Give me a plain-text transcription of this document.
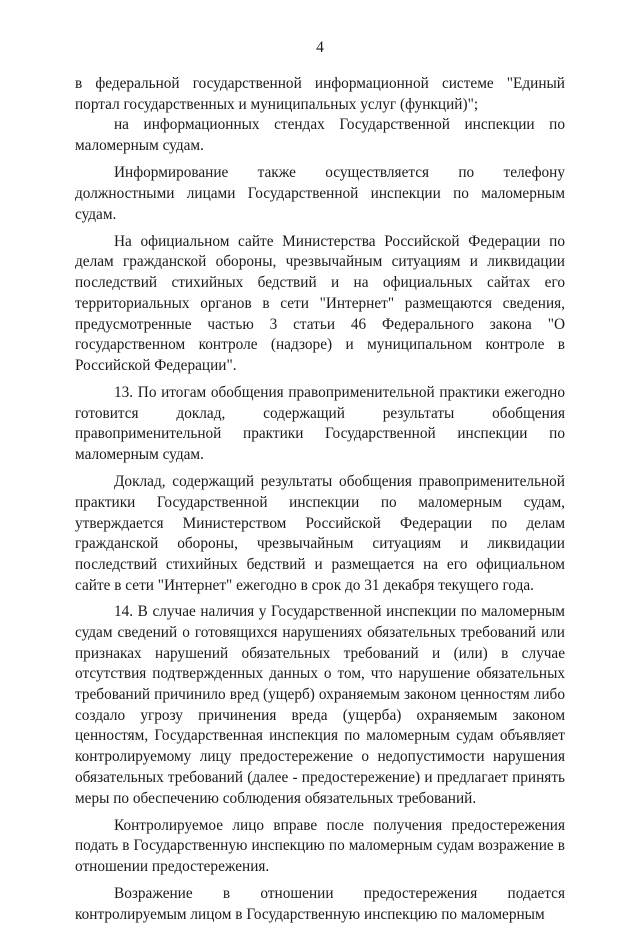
4

в федеральной государственной информационной системе "Единый портал государственных и муниципальных услуг (функций)";

на информационных стендах Государственной инспекции по маломерным судам.

Информирование также осуществляется по телефону должностными лицами Государственной инспекции по маломерным судам.

На официальном сайте Министерства Российской Федерации по делам гражданской обороны, чрезвычайным ситуациям и ликвидации последствий стихийных бедствий и на официальных сайтах его территориальных органов в сети "Интернет" размещаются сведения, предусмотренные частью 3 статьи 46 Федерального закона "О государственном контроле (надзоре) и муниципальном контроле в Российской Федерации".

13. По итогам обобщения правоприменительной практики ежегодно готовится доклад, содержащий результаты обобщения правоприменительной практики Государственной инспекции по маломерным судам.

Доклад, содержащий результаты обобщения правоприменительной практики Государственной инспекции по маломерным судам, утверждается Министерством Российской Федерации по делам гражданской обороны, чрезвычайным ситуациям и ликвидации последствий стихийных бедствий и размещается на его официальном сайте в сети "Интернет" ежегодно в срок до 31 декабря текущего года.

14. В случае наличия у Государственной инспекции по маломерным судам сведений о готовящихся нарушениях обязательных требований или признаках нарушений обязательных требований и (или) в случае отсутствия подтвержденных данных о том, что нарушение обязательных требований причинило вред (ущерб) охраняемым законом ценностям либо создало угрозу причинения вреда (ущерба) охраняемым законом ценностям, Государственная инспекция по маломерным судам объявляет контролируемому лицу предостережение о недопустимости нарушения обязательных требований (далее - предостережение) и предлагает принять меры по обеспечению соблюдения обязательных требований.

Контролируемое лицо вправе после получения предостережения подать в Государственную инспекцию по маломерным судам возражение в отношении предостережения.

Возражение в отношении предостережения подается контролируемым лицом в Государственную инспекцию по маломерным
